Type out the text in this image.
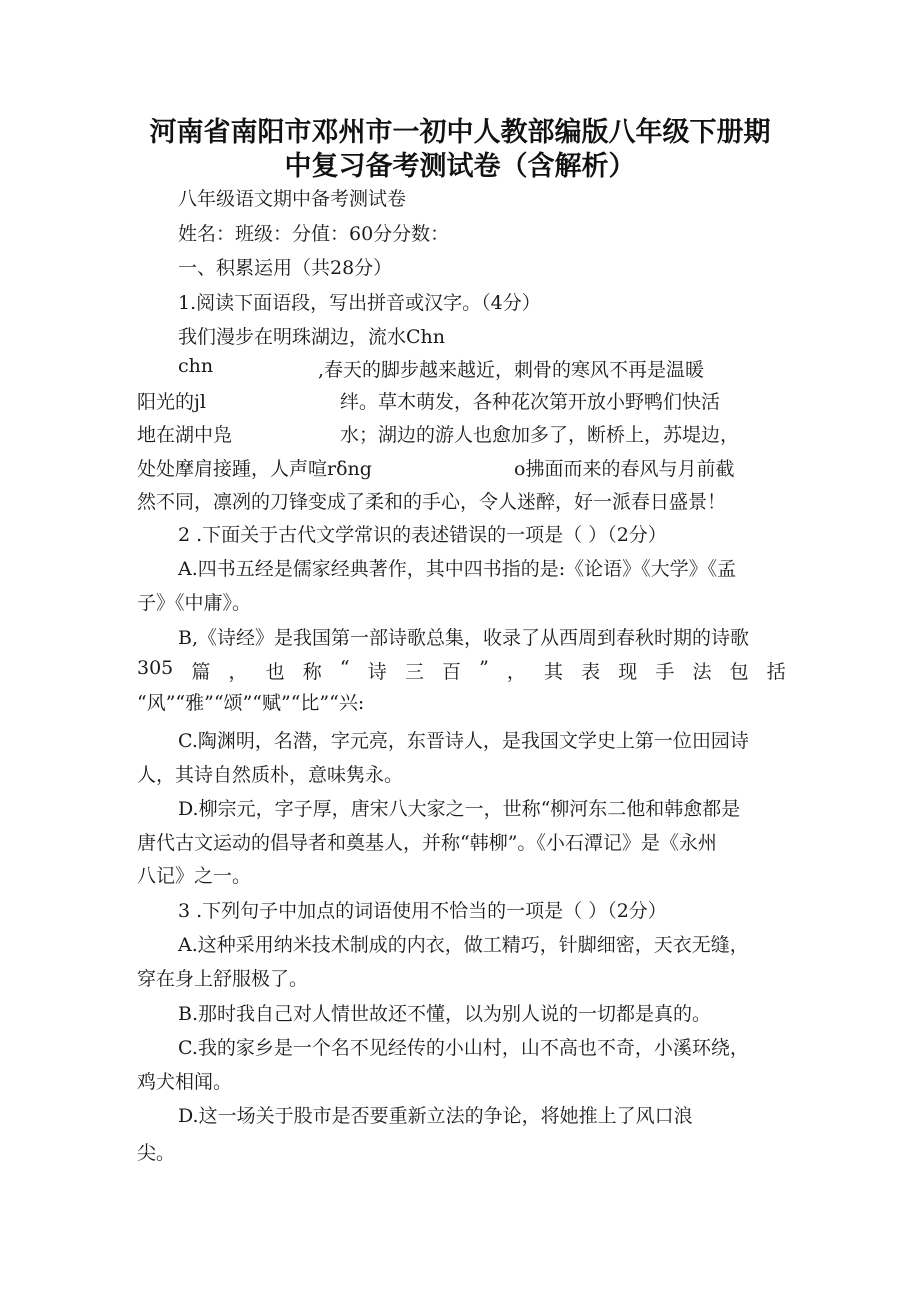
河南省南阳市邓州市一初中人教部编版八年级下册期
中复习备考测试卷（含解析）
八年级语文期中备考测试卷
姓名：班级：分值：60分分数：
一、积累运用（共28分）
1.阅读下面语段，写出拼音或汉字。（4分）
我们漫步在明珠湖边，流水Chn
chn	,春天的脚步越来越近，刺骨的寒风不再是温暖
阳光的jl	绊。草木萌发，各种花次第开放小野鸭们快活
地在湖中凫	水；湖边的游人也愈加多了，断桥上，苏堤边，
处处摩肩接踵，人声喧rδng	o拂面而来的春风与月前截
然不同，凛冽的刀锋变成了柔和的手心，令人迷醉，好一派春日盛景！
2 .下面关于古代文学常识的表述错误的一项是（ ）（2分）
A.四书五经是儒家经典著作，其中四书指的是:《论语》《大学》《孟
子》《中庸》。
B,《诗经》是我国第一部诗歌总集，收录了从西周到春秋时期的诗歌
305 篇 ， 也 称 “ 诗 三 百 ” ， 其 表 现 手 法 包 括
“风”“雅”“颂”“赋”“比”“兴:
C.陶渊明，名潜，字元亮，东晋诗人，是我国文学史上第一位田园诗
人，其诗自然质朴，意味隽永。
D.柳宗元，字子厚，唐宋八大家之一，世称“柳河东二他和韩愈都是
唐代古文运动的倡导者和奠基人，并称“韩柳”。《小石潭记》是《永州
八记》之一。
3 .下列句子中加点的词语使用不恰当的一项是（ ）（2分）
A.这种采用纳米技术制成的内衣，做工精巧，针脚细密，天衣无缝，
穿在身上舒服极了。
B.那时我自己对人情世故还不懂，以为别人说的一切都是真的。
C.我的家乡是一个名不见经传的小山村，山不高也不奇，小溪环绕，
鸡犬相闻。
D.这一场关于股市是否要重新立法的争论，将她推上了风口浪
尖。
